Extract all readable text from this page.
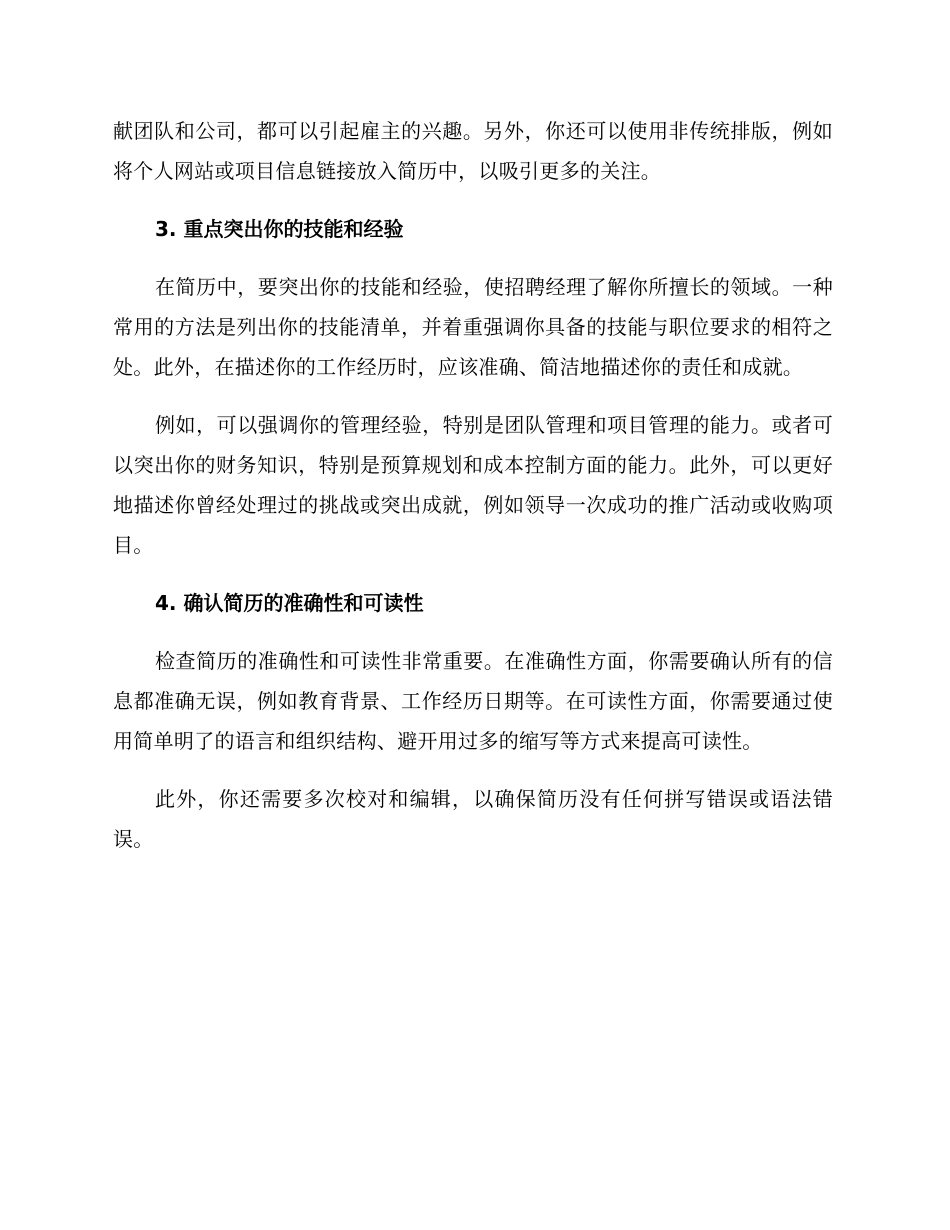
献团队和公司，都可以引起雇主的兴趣。另外，你还可以使用非传统排版，例如将个人网站或项目信息链接放入简历中，以吸引更多的关注。

3. 重点突出你的技能和经验

在简历中，要突出你的技能和经验，使招聘经理了解你所擅长的领域。一种常用的方法是列出你的技能清单，并着重强调你具备的技能与职位要求的相符之处。此外，在描述你的工作经历时，应该准确、简洁地描述你的责任和成就。

例如，可以强调你的管理经验，特别是团队管理和项目管理的能力。或者可以突出你的财务知识，特别是预算规划和成本控制方面的能力。此外，可以更好地描述你曾经处理过的挑战或突出成就，例如领导一次成功的推广活动或收购项目。

4. 确认简历的准确性和可读性

检查简历的准确性和可读性非常重要。在准确性方面，你需要确认所有的信息都准确无误，例如教育背景、工作经历日期等。在可读性方面，你需要通过使用简单明了的语言和组织结构、避开用过多的缩写等方式来提高可读性。

此外，你还需要多次校对和编辑，以确保简历没有任何拼写错误或语法错误。
